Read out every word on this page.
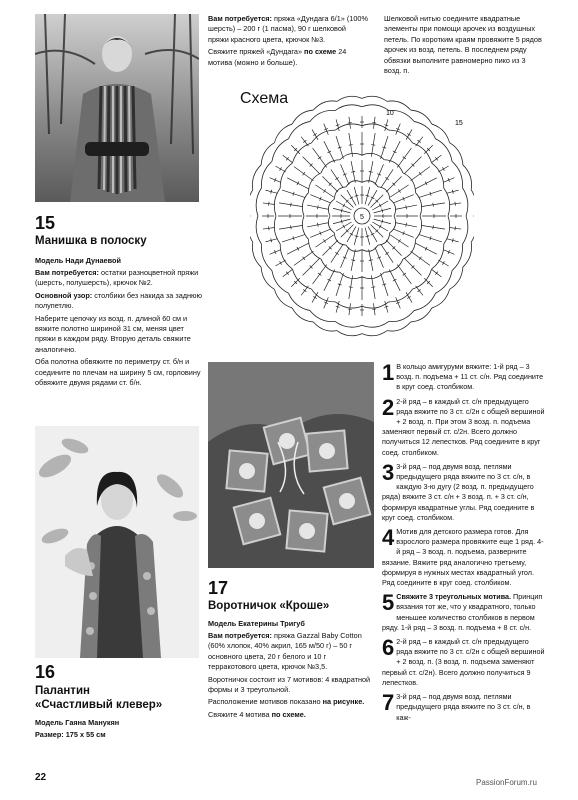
15
Манишка в полоску
Модель Нади Дунаевой

Вам потребуется: остатки разноцветной пряжи (шерсть, полушерсть), крючок №2.

Основной узор: столбики без накида за заднюю полупетлю.

Наберите цепочку из возд. п. длиной 60 см и вяжите полотно шириной 31 см, меняя цвет пряжи в каждом ряду. Вторую деталь свяжите аналогично.

Оба полотна обвяжите по периметру ст. б/н и соедините по плечам на ширину 5 см, горловину обвяжите двумя рядами ст. б/н.

Вам потребуется: пряжа «Дундага 6/1» (100% шерсть) – 200 г (1 пасма), 90 г шелковой пряжи красного цвета, крючок №3.

Свяжите пряжей «Дундага» по схеме 24 мотива (можно и больше).

Шелковой нитью соедините квадратные элементы при помощи арочек из воздушных петель. По коротким краям провяжите 5 рядов арочек из возд. петель. В последнем ряду обвязки выполните равномерно пико из 3 возд. п.

Схема
5
10
15
16
Палантин
«Счастливый клевер»
Модель Гаяна Манукян

Размер: 175 x 55 см

17
Воротничок «Кроше»
Модель Екатерины Тригуб

Вам потребуется: пряжа Gazzal Baby Cotton (60% хлопок, 40% акрил, 165 м/50 г) – 50 г основного цвета, 20 г белого и 10 г терракотового цвета, крючок №3,5.

Воротничок состоит из 7 мотивов: 4 квадратной формы и 3 треугольной.

Расположение мотивов показано на рисунке.

Свяжите 4 мотива по схеме.

1 В кольцо амигуруми вяжите: 1-й ряд – 3 возд. п. подъема + 11 ст. с/н. Ряд соедините в круг соед. столбиком.

2 2-й ряд – в каждый ст. с/н предыдущего ряда вяжите по 3 ст. с/2н с общей вершиной + 2 возд. п. При этом 3 возд. п. подъема заменяют первый ст. с/2н. Всего должно получиться 12 лепестков. Ряд соедините в круг соед. столбиком.

3 3-й ряд – под двумя возд. петлями предыдущего ряда вяжите по 3 ст. с/н, в каждую 3-ю дугу (2 возд. п. предыдущего ряда) вяжите 3 ст. с/н + 3 возд. п. + 3 ст. с/н, формируя квадратные углы. Ряд соедините в круг соед. столбиком.

4 Мотив для детского размера готов. Для взрослого размера провяжите еще 1 ряд. 4-й ряд – 3 возд. п. подъема, разверните вязание. Вяжите ряд аналогично третьему, формируя в нужных местах квадратный угол. Ряд соедините в круг соед. столбиком.

5 Свяжите 3 треугольных мотива. Принцип вязания тот же, что у квадратного, только меньшее количество столбиков в первом ряду. 1-й ряд – 3 возд. п. подъема + 8 ст. с/н.

6 2-й ряд – в каждый ст. с/н предыдущего ряда вяжите по 3 ст. с/2н с общей вершиной + 2 возд. п. (3 возд. п. подъема заменяют первый ст. с/2н). Всего должно получиться 9 лепестков.

7 3-й ряд – под двумя возд. петлями предыдущего ряда вяжите по 3 ст. с/н, в каж-

22	PassionForum.ru
